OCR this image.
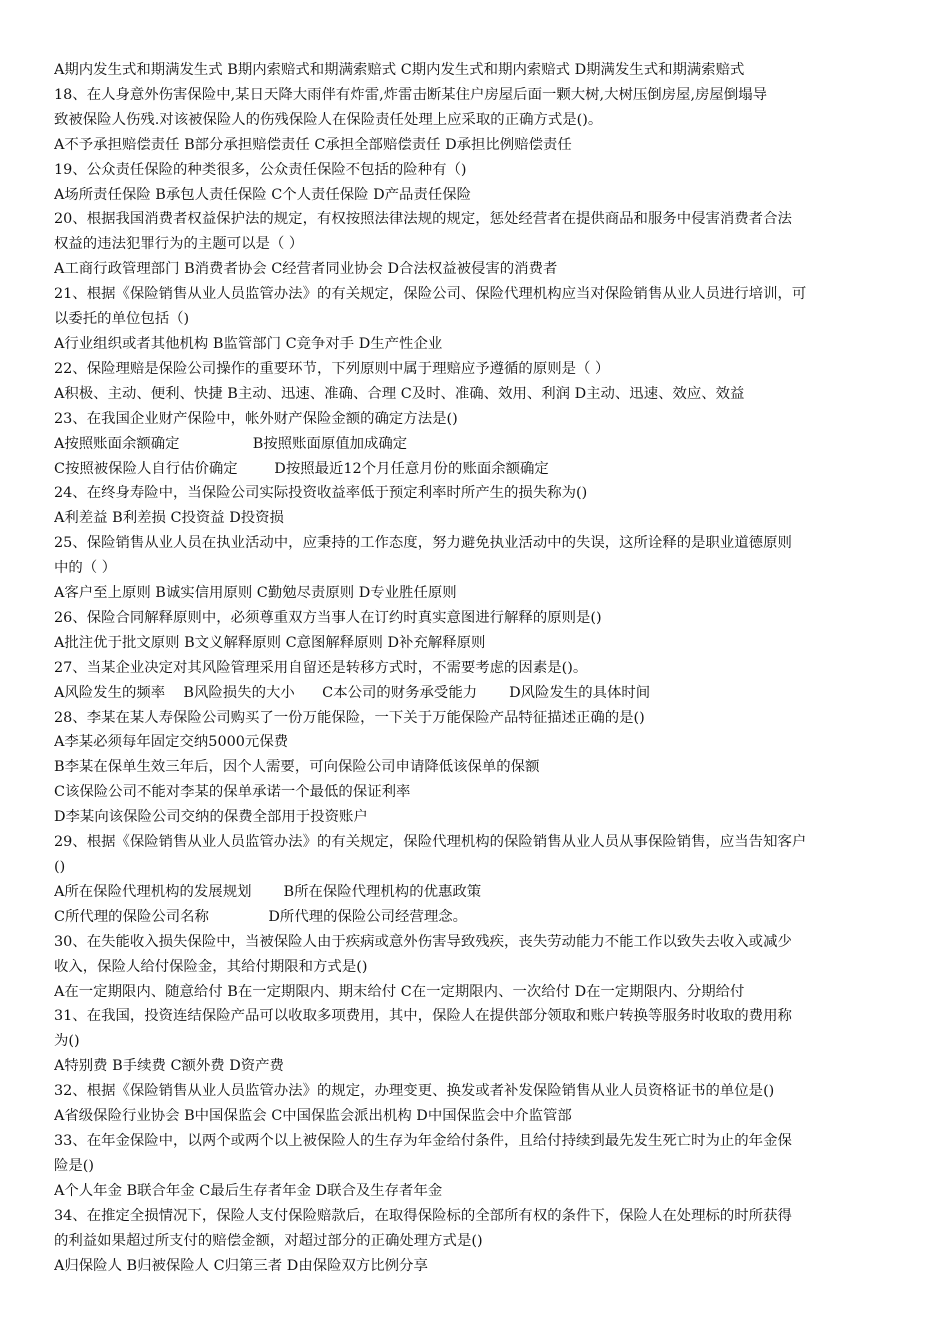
A期内发生式和期满发生式 B期内索赔式和期满索赔式 C期内发生式和期内索赔式 D期满发生式和期满索赔式
18、在人身意外伤害保险中,某日天降大雨伴有炸雷,炸雷击断某住户房屋后面一颗大树,大树压倒房屋,房屋倒塌导
致被保险人伤残.对该被保险人的伤残保险人在保险责任处理上应采取的正确方式是()。
A不予承担赔偿责任 B部分承担赔偿责任 C承担全部赔偿责任 D承担比例赔偿责任
19、公众责任保险的种类很多，公众责任保险不包括的险种有（)
A场所责任保险 B承包人责任保险 C个人责任保险 D产品责任保险
20、根据我国消费者权益保护法的规定，有权按照法律法规的规定，惩处经营者在提供商品和服务中侵害消费者合法
权益的违法犯罪行为的主题可以是（ ）
A工商行政管理部门 B消费者协会 C经营者同业协会 D合法权益被侵害的消费者
21、根据《保险销售从业人员监管办法》的有关规定，保险公司、保险代理机构应当对保险销售从业人员进行培训，可
以委托的单位包括（)
A行业组织或者其他机构 B监管部门 C竞争对手 D生产性企业
22、保险理赔是保险公司操作的重要环节，下列原则中属于理赔应予遵循的原则是（ ）
A积极、主动、便利、快捷 B主动、迅速、准确、合理 C及时、准确、效用、利润 D主动、迅速、效应、效益
23、在我国企业财产保险中，帐外财产保险金额的确定方法是()
A按照账面余额确定                B按照账面原值加成确定
C按照被保险人自行估价确定        D按照最近12个月任意月份的账面余额确定
24、在终身寿险中，当保险公司实际投资收益率低于预定利率时所产生的损失称为()
A利差益 B利差损 C投资益 D投资损
25、保险销售从业人员在执业活动中，应秉持的工作态度，努力避免执业活动中的失误，这所诠释的是职业道德原则
中的（ ）
A客户至上原则 B诚实信用原则 C勤勉尽责原则 D专业胜任原则
26、保险合同解释原则中，必须尊重双方当事人在订约时真实意图进行解释的原则是()
A批注优于批文原则 B文义解释原则 C意图解释原则 D补充解释原则
27、当某企业决定对其风险管理采用自留还是转移方式时，不需要考虑的因素是()。
A风险发生的频率    B风险损失的大小      C本公司的财务承受能力       D风险发生的具体时间
28、李某在某人寿保险公司购买了一份万能保险，一下关于万能保险产品特征描述正确的是()
A李某必须每年固定交纳5000元保费
B李某在保单生效三年后，因个人需要，可向保险公司申请降低该保单的保额
C该保险公司不能对李某的保单承诺一个最低的保证利率
D李某向该保险公司交纳的保费全部用于投资账户
29、根据《保险销售从业人员监管办法》的有关规定，保险代理机构的保险销售从业人员从事保险销售，应当告知客户
()
A所在保险代理机构的发展规划       B所在保险代理机构的优惠政策
C所代理的保险公司名称             D所代理的保险公司经营理念。
30、在失能收入损失保险中，当被保险人由于疾病或意外伤害导致残疾，丧失劳动能力不能工作以致失去收入或减少
收入，保险人给付保险金，其给付期限和方式是()
A在一定期限内、随意给付 B在一定期限内、期末给付 C在一定期限内、一次给付 D在一定期限内、分期给付
31、在我国，投资连结保险产品可以收取多项费用，其中，保险人在提供部分领取和账户转换等服务时收取的费用称
为()
A特别费 B手续费 C额外费 D资产费
32、根据《保险销售从业人员监管办法》的规定，办理变更、换发或者补发保险销售从业人员资格证书的单位是()
A省级保险行业协会 B中国保监会 C中国保监会派出机构 D中国保监会中介监管部
33、在年金保险中，以两个或两个以上被保险人的生存为年金给付条件，且给付持续到最先发生死亡时为止的年金保
险是()
A个人年金 B联合年金 C最后生存者年金 D联合及生存者年金
34、在推定全损情况下，保险人支付保险赔款后，在取得保险标的全部所有权的条件下，保险人在处理标的时所获得
的利益如果超过所支付的赔偿金额，对超过部分的正确处理方式是()
A归保险人 B归被保险人 C归第三者 D由保险双方比例分享
